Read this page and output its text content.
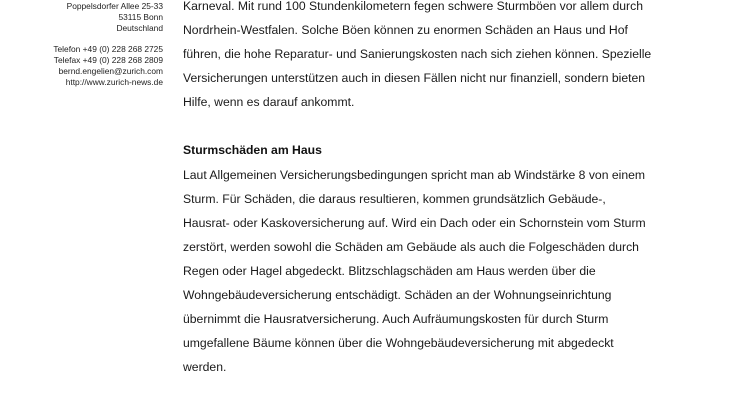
Poppelsdorfer Allee 25-33
53115 Bonn
Deutschland
Telefon +49 (0) 228 268 2725
Telefax +49 (0) 228 268 2809
bernd.engelien@zurich.com
http://www.zurich-news.de

Karneval. Mit rund 100 Stundenkilometern fegen schwere Sturmböen vor allem durch Nordrhein-Westfalen. Solche Böen können zu enormen Schäden an Haus und Hof führen, die hohe Reparatur- und Sanierungskosten nach sich ziehen können. Spezielle Versicherungen unterstützen auch in diesen Fällen nicht nur finanziell, sondern bieten Hilfe, wenn es darauf ankommt.

Sturmschäden am Haus

Laut Allgemeinen Versicherungsbedingungen spricht man ab Windstärke 8 von einem Sturm. Für Schäden, die daraus resultieren, kommen grundsätzlich Gebäude-, Hausrat- oder Kaskoversicherung auf. Wird ein Dach oder ein Schornstein vom Sturm zerstört, werden sowohl die Schäden am Gebäude als auch die Folgeschäden durch Regen oder Hagel abgedeckt. Blitzschlagschäden am Haus werden über die Wohngebäudeversicherung entschädigt. Schäden an der Wohnungseinrichtung übernimmt die Hausratversicherung. Auch Aufräumungskosten für durch Sturm umgefallene Bäume können über die Wohngebäudeversicherung mit abgedeckt werden.
